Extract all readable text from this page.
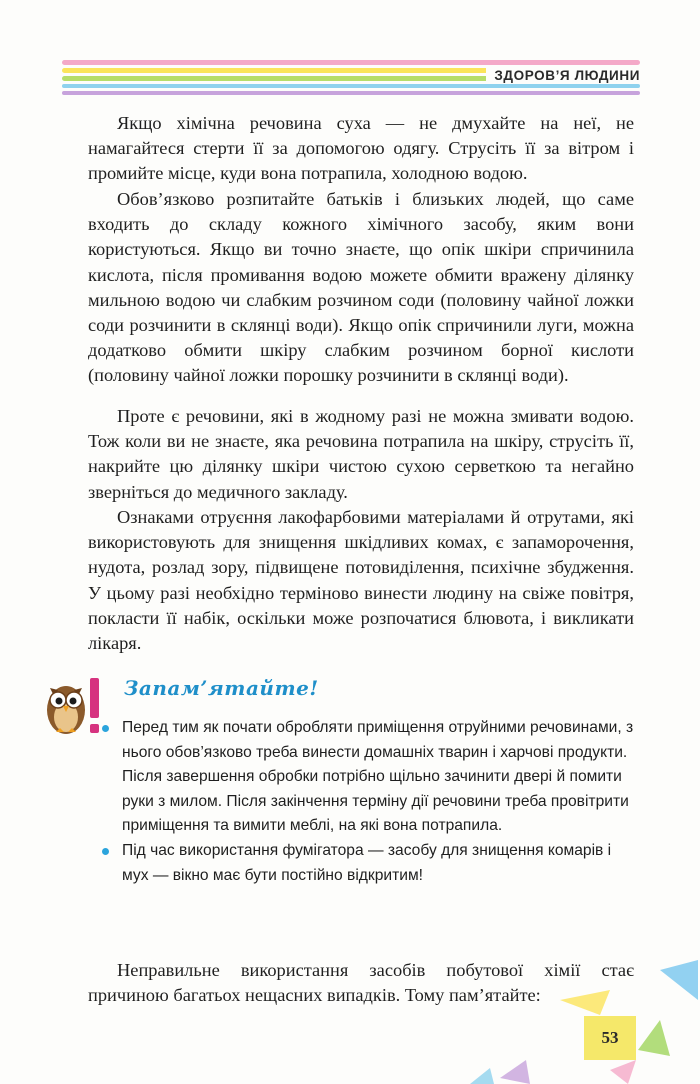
ЗДОРОВ’Я ЛЮДИНИ

Якщо хімічна речовина суха — не дмухайте на неї, не намагайтеся стерти її за допомогою одягу. Струсіть її за вітром і промийте місце, куди вона потрапила, холодною водою.

Обов’язково розпитайте батьків і близьких людей, що саме входить до складу кожного хімічного засобу, яким вони користуються. Якщо ви точно знаєте, що опік шкіри спричинила кислота, після промивання водою можете обмити вражену ділянку мильною водою чи слабким розчином соди (половину чайної ложки соди розчинити в склянці води). Якщо опік спричинили луги, можна додатково обмити шкіру слабким розчином борної кислоти (половину чайної ложки порошку розчинити в склянці води).

Проте є речовини, які в жодному разі не можна змивати водою. Тож коли ви не знаєте, яка речовина потрапила на шкіру, струсіть її, накрийте цю ділянку шкіри чистою сухою серветкою та негайно зверніться до медичного закладу.

Ознаками отруєння лакофарбовими матеріалами й отрутами, які використовують для знищення шкідливих комах, є запаморочення, нудота, розлад зору, підвищене потовиділення, психічне збудження. У цьому разі необхідно терміново винести людину на свіже повітря, покласти її набік, оскільки може розпочатися блювота, і викликати лікаря.

Запам’ятайте!
Перед тим як почати обробляти приміщення отруйними речовинами, з нього обов’язково треба винести домашніх тварин і харчові продукти. Після завершення обробки потрібно щільно зачинити двері й помити руки з милом. Після закінчення терміну дії речовини треба провітрити приміщення та вимити меблі, на які вона потрапила.
Під час використання фумігатора — засобу для знищення комарів і мух — вікно має бути постійно відкритим!

Неправильне використання засобів побутової хімії стає причиною багатьох нещасних випадків. Тому пам’ятайте:

53
